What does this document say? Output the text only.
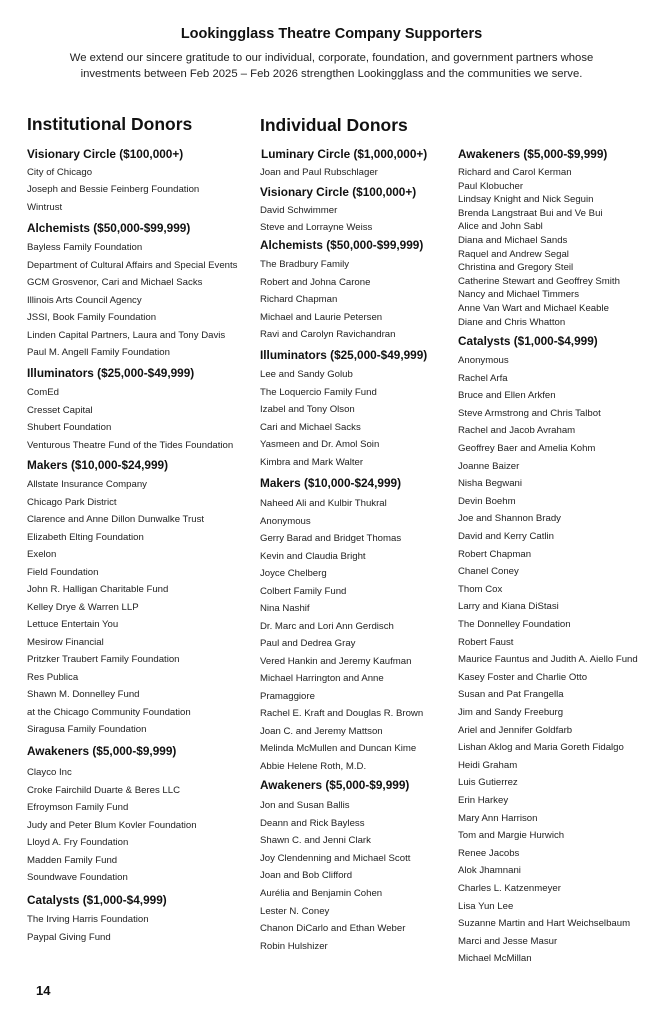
Lookingglass Theatre Company Supporters
We extend our sincere gratitude to our individual, corporate, foundation, and government partners whose
investments between Feb 2025 – Feb 2026 strengthen Lookingglass and the communities we serve.
Institutional Donors
Visionary Circle ($100,000+)
City of Chicago
Joseph and Bessie Feinberg Foundation
Wintrust
Alchemists ($50,000-$99,999)
Bayless Family Foundation
Department of Cultural Affairs and Special Events
GCM Grosvenor, Cari and Michael Sacks
Illinois Arts Council Agency
JSSI, Book Family Foundation
Linden Capital Partners, Laura and Tony Davis
Paul M. Angell Family Foundation
Illuminators ($25,000-$49,999)
ComEd
Cresset Capital
Shubert Foundation
Venturous Theatre Fund of the Tides Foundation
Makers ($10,000-$24,999)
Allstate Insurance Company
Chicago Park District
Clarence and Anne Dillon Dunwalke Trust
Elizabeth Elting Foundation
Exelon
Field Foundation
John R. Halligan Charitable Fund
Kelley Drye & Warren LLP
Lettuce Entertain You
Mesirow Financial
Pritzker Traubert Family Foundation
Res Publica
Shawn M. Donnelley Fund
at the Chicago Community Foundation
Siragusa Family Foundation
Awakeners ($5,000-$9,999)
Clayco Inc
Croke Fairchild Duarte & Beres LLC
Efroymson Family Fund
Judy and Peter Blum Kovler Foundation
Lloyd A. Fry Foundation
Madden Family Fund
Soundwave Foundation
Catalysts ($1,000-$4,999)
The Irving Harris Foundation
Paypal Giving Fund
Individual Donors
Luminary Circle ($1,000,000+)
Joan and Paul Rubschlager
Visionary Circle ($100,000+)
David Schwimmer
Steve and Lorrayne Weiss
Alchemists ($50,000-$99,999)
The Bradbury Family
Robert and Johna Carone
Richard Chapman
Michael and Laurie Petersen
Ravi and Carolyn Ravichandran
Illuminators ($25,000-$49,999)
Lee and Sandy Golub
The Loquercio Family Fund
Izabel and Tony Olson
Cari and Michael Sacks
Yasmeen and Dr. Amol Soin
Kimbra and Mark Walter
Makers ($10,000-$24,999)
Naheed Ali and Kulbir Thukral
Anonymous
Gerry Barad and Bridget Thomas
Kevin and Claudia Bright
Joyce Chelberg
Colbert Family Fund
Nina Nashif
Dr. Marc and Lori Ann Gerdisch
Paul and Dedrea Gray
Vered Hankin and Jeremy Kaufman
Michael Harrington and Anne
Pramaggiore
Rachel E. Kraft and Douglas R. Brown
Joan C. and Jeremy Mattson
Melinda McMullen and Duncan Kime
Abbie Helene Roth, M.D.
Awakeners ($5,000-$9,999)
Jon and Susan Ballis
Deann and Rick Bayless
Shawn C. and Jenni Clark
Joy Clendenning and Michael Scott
Joan and Bob Clifford
Aurélia and Benjamin Cohen
Lester N. Coney
Chanon DiCarlo and Ethan Weber
Robin Hulshizer
Awakeners ($5,000-$9,999)
Richard and Carol Kerman
Paul Klobucher
Lindsay Knight and Nick Seguin
Brenda Langstraat Bui and Ve Bui
Alice and John Sabl
Diana and Michael Sands
Raquel and Andrew Segal
Christina and Gregory Steil
Catherine Stewart and Geoffrey Smith
Nancy and Michael Timmers
Anne Van Wart and Michael Keable
Diane and Chris Whatton
Catalysts ($1,000-$4,999)
Anonymous
Rachel Arfa
Bruce and Ellen Arkfen
Steve Armstrong and Chris Talbot
Rachel and Jacob Avraham
Geoffrey Baer and Amelia Kohm
Joanne Baizer
Nisha Begwani
Devin Boehm
Joe and Shannon Brady
David and Kerry Catlin
Robert Chapman
Chanel Coney
Thom Cox
Larry and Kiana DiStasi
The Donnelley Foundation
Robert Faust
Maurice Fauntus and Judith A. Aiello Fund
Kasey Foster and Charlie Otto
Susan and Pat Frangella
Jim and Sandy Freeburg
Ariel and Jennifer Goldfarb
Lishan Aklog and Maria Goreth Fidalgo
Heidi Graham
Luis Gutierrez
Erin Harkey
Mary Ann Harrison
Tom and Margie Hurwich
Renee Jacobs
Alok Jhamnani
Charles L. Katzenmeyer
Lisa Yun Lee
Suzanne Martin and Hart Weichselbaum
Marci and Jesse Masur
Michael McMillan
14
